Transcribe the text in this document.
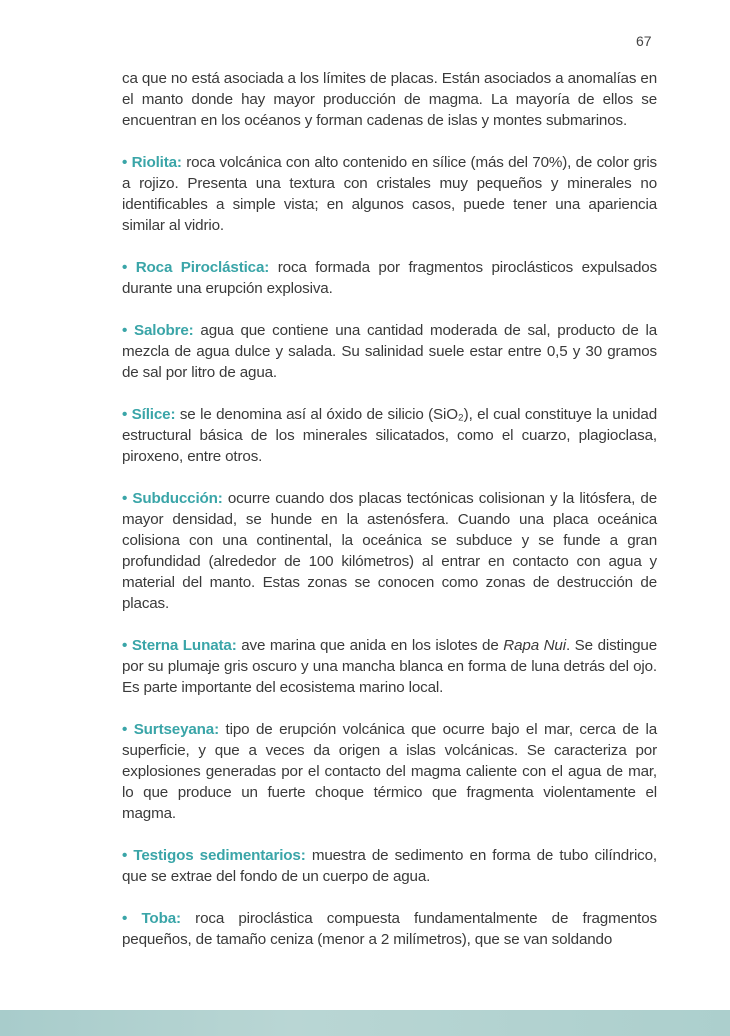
67

ca que no está asociada a los límites de placas. Están asociados a anomalías en el manto donde hay mayor producción de magma. La mayoría de ellos se encuentran en los océanos y forman cadenas de islas y montes submarinos.

• Riolita: roca volcánica con alto contenido en sílice (más del 70%), de color gris a rojizo. Presenta una textura con cristales muy pequeños y minerales no identificables a simple vista; en algunos casos, puede tener una apariencia similar al vidrio.

• Roca Piroclástica: roca formada por fragmentos piroclásticos expulsados durante una erupción explosiva.

• Salobre: agua que contiene una cantidad moderada de sal, producto de la mezcla de agua dulce y salada. Su salinidad suele estar entre 0,5 y 30 gramos de sal por litro de agua.

• Sílice: se le denomina así al óxido de silicio (SiO₂), el cual constituye la unidad estructural básica de los minerales silicatados, como el cuarzo, plagioclasa, piroxeno, entre otros.

• Subducción: ocurre cuando dos placas tectónicas colisionan y la litósfera, de mayor densidad, se hunde en la astenósfera. Cuando una placa oceánica colisiona con una continental, la oceánica se subduce y se funde a gran profundidad (alrededor de 100 kilómetros) al entrar en contacto con agua y material del manto. Estas zonas se conocen como zonas de destrucción de placas.

• Sterna Lunata: ave marina que anida en los islotes de Rapa Nui. Se distingue por su plumaje gris oscuro y una mancha blanca en forma de luna detrás del ojo. Es parte importante del ecosistema marino local.

• Surtseyana: tipo de erupción volcánica que ocurre bajo el mar, cerca de la superficie, y que a veces da origen a islas volcánicas. Se caracteriza por explosiones generadas por el contacto del magma caliente con el agua de mar, lo que produce un fuerte choque térmico que fragmenta violentamente el magma.

• Testigos sedimentarios: muestra de sedimento en forma de tubo cilíndrico, que se extrae del fondo de un cuerpo de agua.

• Toba: roca piroclástica compuesta fundamentalmente de fragmentos pequeños, de tamaño ceniza (menor a 2 milímetros), que se van soldando
